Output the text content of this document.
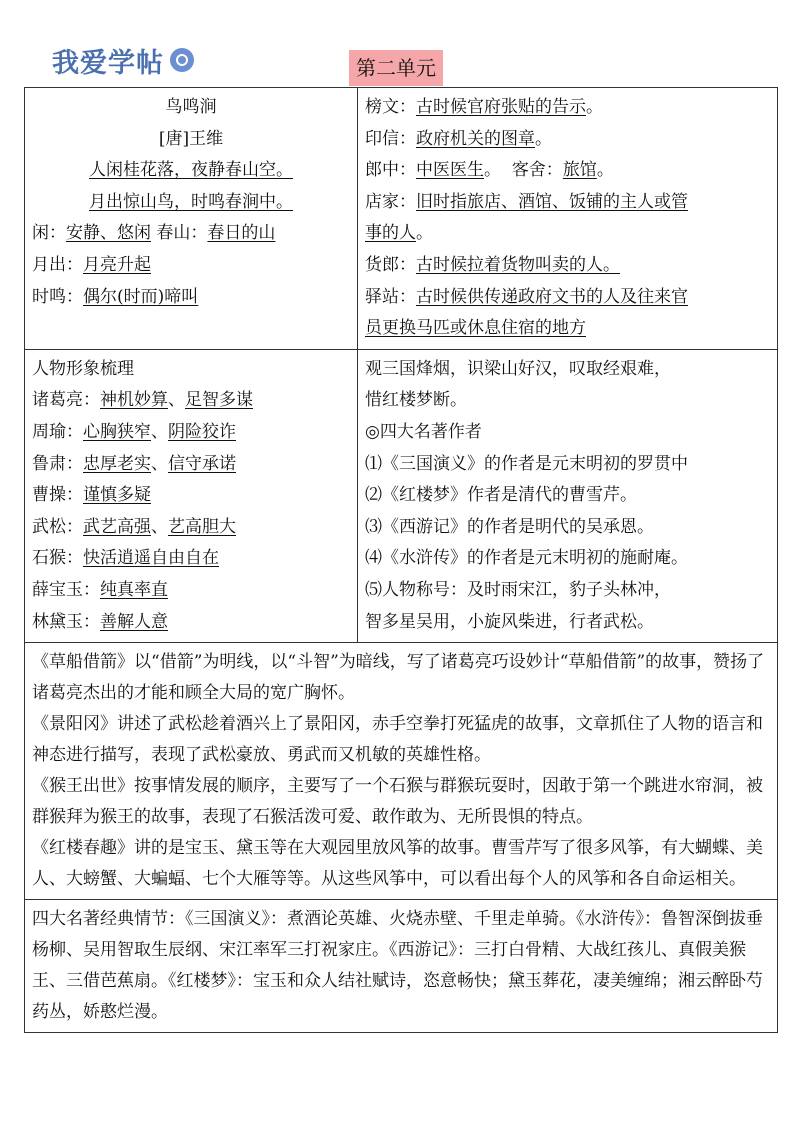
我爱学帖	第二单元

鸟鸣涧

[唐]王维

人闲桂花落，夜静春山空。

月出惊山鸟，时鸣春涧中。

闲：安静、悠闲 春山：春日的山

月出：月亮升起

时鸣：偶尔(时而)啼叫

榜文：古时候官府张贴的告示。

印信：政府机关的图章。

郎中：中医医生。 客舍：旅馆。

店家：旧时指旅店、酒馆、饭铺的主人或管

事的人。

货郎：古时候拉着货物叫卖的人。

驿站：古时候供传递政府文书的人及往来官

员更换马匹或休息住宿的地方

人物形象梳理

诸葛亮：神机妙算、足智多谋

周瑜：心胸狭窄、阴险狡诈

鲁肃：忠厚老实、信守承诺

曹操：谨慎多疑

武松：武艺高强、艺高胆大

石猴：快活逍遥自由自在

薛宝玉：纯真率直

林黛玉：善解人意

观三国烽烟，识梁山好汉，叹取经艰难，

惜红楼梦断。

◎四大名著作者

⑴《三国演义》的作者是元末明初的罗贯中

⑵《红楼梦》作者是清代的曹雪芹。

⑶《西游记》的作者是明代的吴承恩。

⑷《水浒传》的作者是元末明初的施耐庵。

⑸人物称号：及时雨宋江，豹子头林冲，

智多星吴用，小旋风柴进，行者武松。

《草船借箭》以“借箭”为明线，以“斗智”为暗线，写了诸葛亮巧设妙计“草船借箭”的故事，赞扬了诸葛亮杰出的才能和顾全大局的宽广胸怀。

《景阳冈》讲述了武松趁着酒兴上了景阳冈，赤手空拳打死猛虎的故事，文章抓住了人物的语言和神态进行描写，表现了武松豪放、勇武而又机敏的英雄性格。

《猴王出世》按事情发展的顺序，主要写了一个石猴与群猴玩耍时，因敢于第一个跳进水帘洞，被群猴拜为猴王的故事，表现了石猴活泼可爱、敢作敢为、无所畏惧的特点。

《红楼春趣》讲的是宝玉、黛玉等在大观园里放风筝的故事。曹雪芹写了很多风筝，有大蝴蝶、美人、大螃蟹、大蝙蝠、七个大雁等等。从这些风筝中，可以看出每个人的风筝和各自命运相关。

四大名著经典情节：《三国演义》：煮酒论英雄、火烧赤壁、千里走单骑。《水浒传》：鲁智深倒拔垂杨柳、吴用智取生辰纲、宋江率军三打祝家庄。《西游记》：三打白骨精、大战红孩儿、真假美猴王、三借芭蕉扇。《红楼梦》：宝玉和众人结社赋诗，恣意畅快；黛玉葬花，凄美缠绵；湘云醉卧芍药丛，娇憨烂漫。
